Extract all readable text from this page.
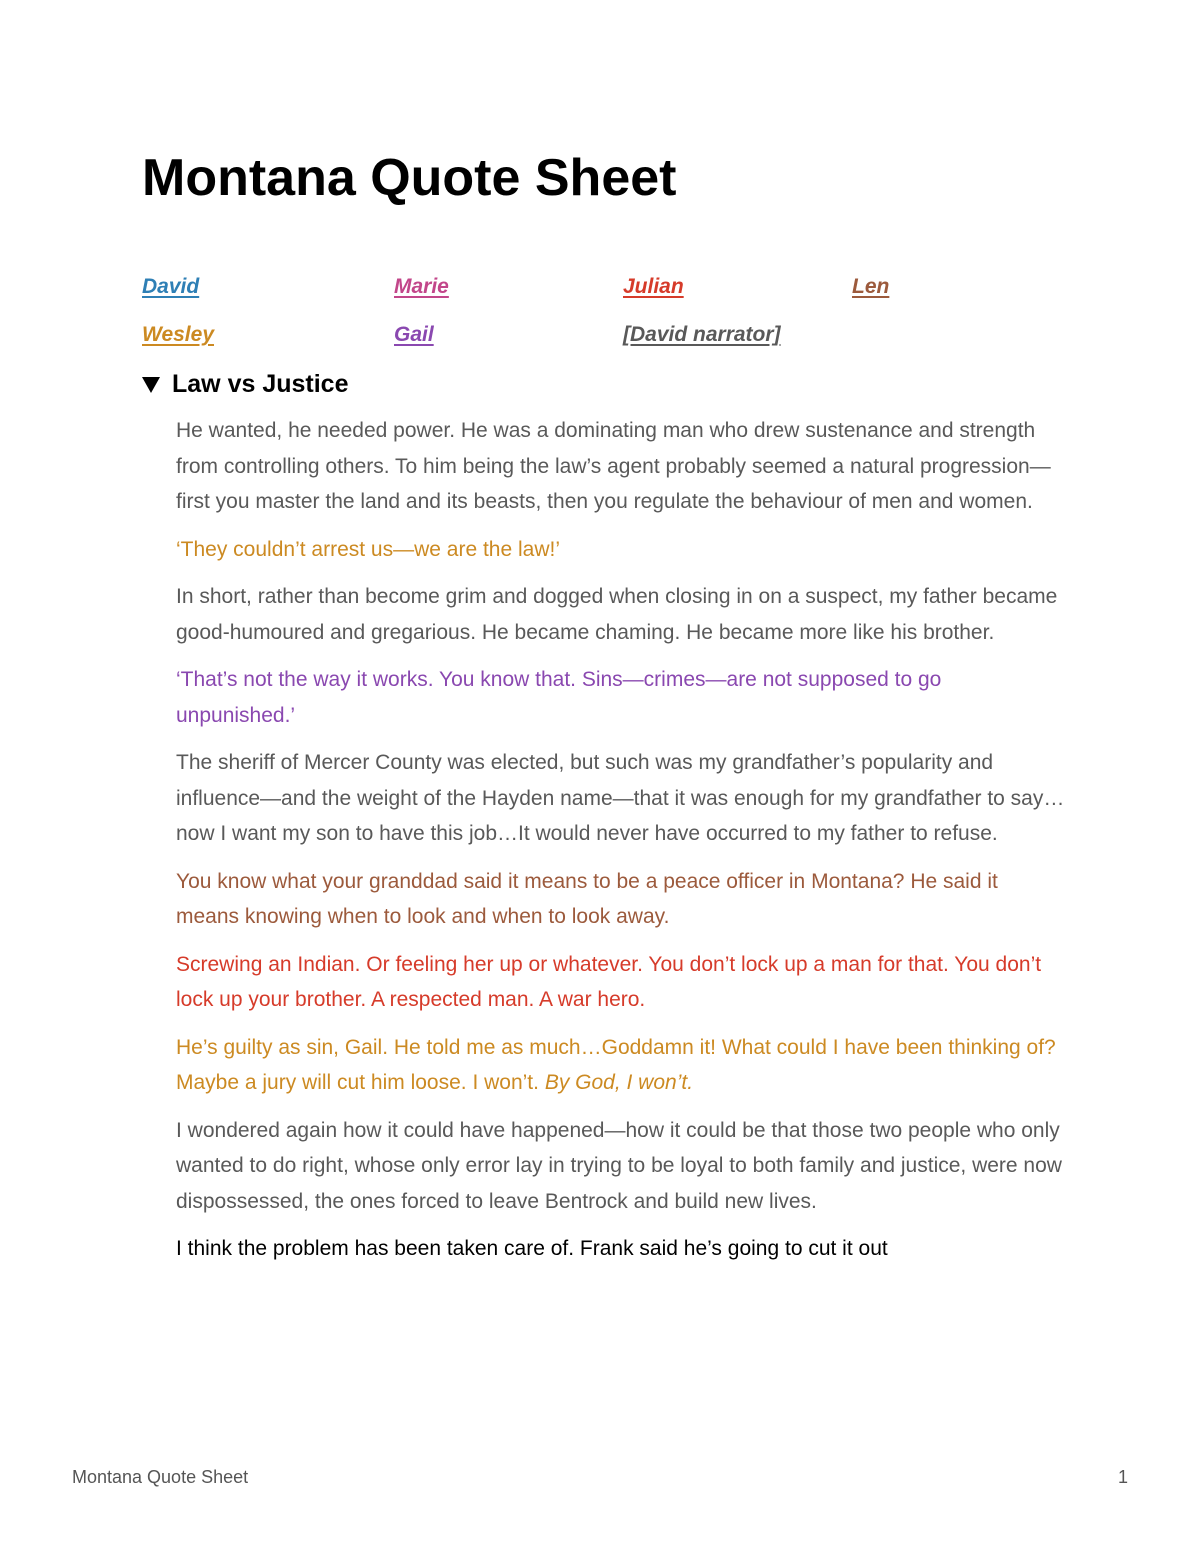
Montana Quote Sheet
David	Marie	Julian	Len
Wesley	Gail	[David narrator]
Law vs Justice

He wanted, he needed power. He was a dominating man who drew sustenance and strength from controlling others. To him being the law’s agent probably seemed a natural progression—first you master the land and its beasts, then you regulate the behaviour of men and women.

‘They couldn’t arrest us—we are the law!’

In short, rather than become grim and dogged when closing in on a suspect, my father became good-humoured and gregarious. He became chaming. He became more like his brother.

‘That’s not the way it works. You know that. Sins—crimes—are not supposed to go unpunished.’

The sheriff of Mercer County was elected, but such was my grandfather’s popularity and influence—and the weight of the Hayden name—that it was enough for my grandfather to say…now I want my son to have this job…It would never have occurred to my father to refuse.

You know what your granddad said it means to be a peace officer in Montana? He said it means knowing when to look and when to look away.

Screwing an Indian. Or feeling her up or whatever. You don’t lock up a man for that. You don’t lock up your brother. A respected man. A war hero.

He’s guilty as sin, Gail. He told me as much…Goddamn it! What could I have been thinking of? Maybe a jury will cut him loose. I won’t. By God, I won’t.

I wondered again how it could have happened—how it could be that those two people who only wanted to do right, whose only error lay in trying to be loyal to both family and justice, were now dispossessed, the ones forced to leave Bentrock and build new lives.

I think the problem has been taken care of. Frank said he’s going to cut it out

Montana Quote Sheet	1
